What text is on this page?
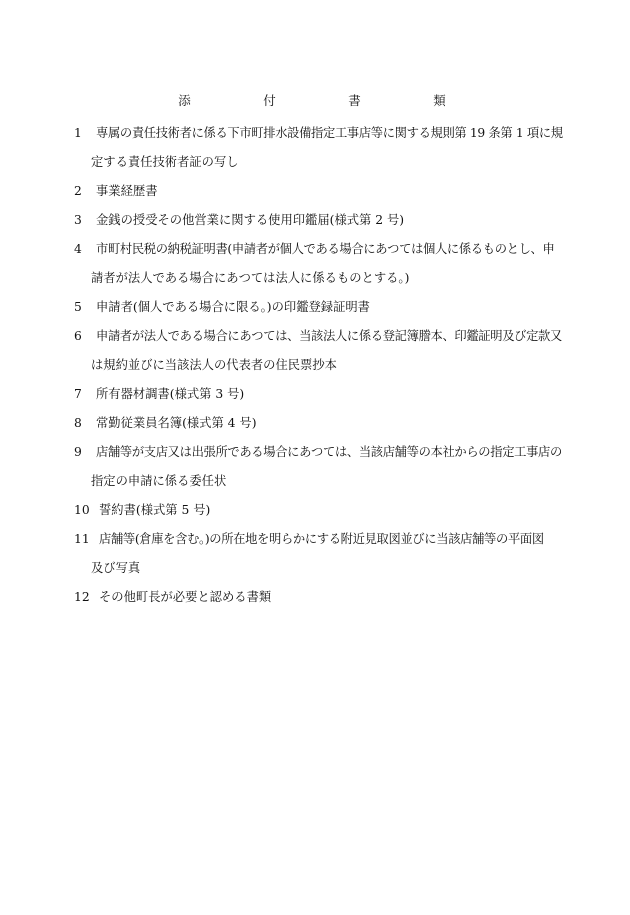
添　付　書　類
1 専属の責任技術者に係る下市町排水設備指定工事店等に関する規則第 19 条第 1 項に規
定する責任技術者証の写し
2 事業経歴書
3 金銭の授受その他営業に関する使用印鑑届(様式第 2 号)
4 市町村民税の納税証明書(申請者が個人である場合にあつては個人に係るものとし、申
請者が法人である場合にあつては法人に係るものとする。)
5 申請者(個人である場合に限る。)の印鑑登録証明書
6 申請者が法人である場合にあつては、当該法人に係る登記簿謄本、印鑑証明及び定款又
は規約並びに当該法人の代表者の住民票抄本
7 所有器材調書(様式第 3 号)
8 常勤従業員名簿(様式第 4 号)
9 店舗等が支店又は出張所である場合にあつては、当該店舗等の本社からの指定工事店の
指定の申請に係る委任状
10 誓約書(様式第 5 号)
11 店舗等(倉庫を含む。)の所在地を明らかにする附近見取図並びに当該店舗等の平面図
及び写真
12 その他町長が必要と認める書類
